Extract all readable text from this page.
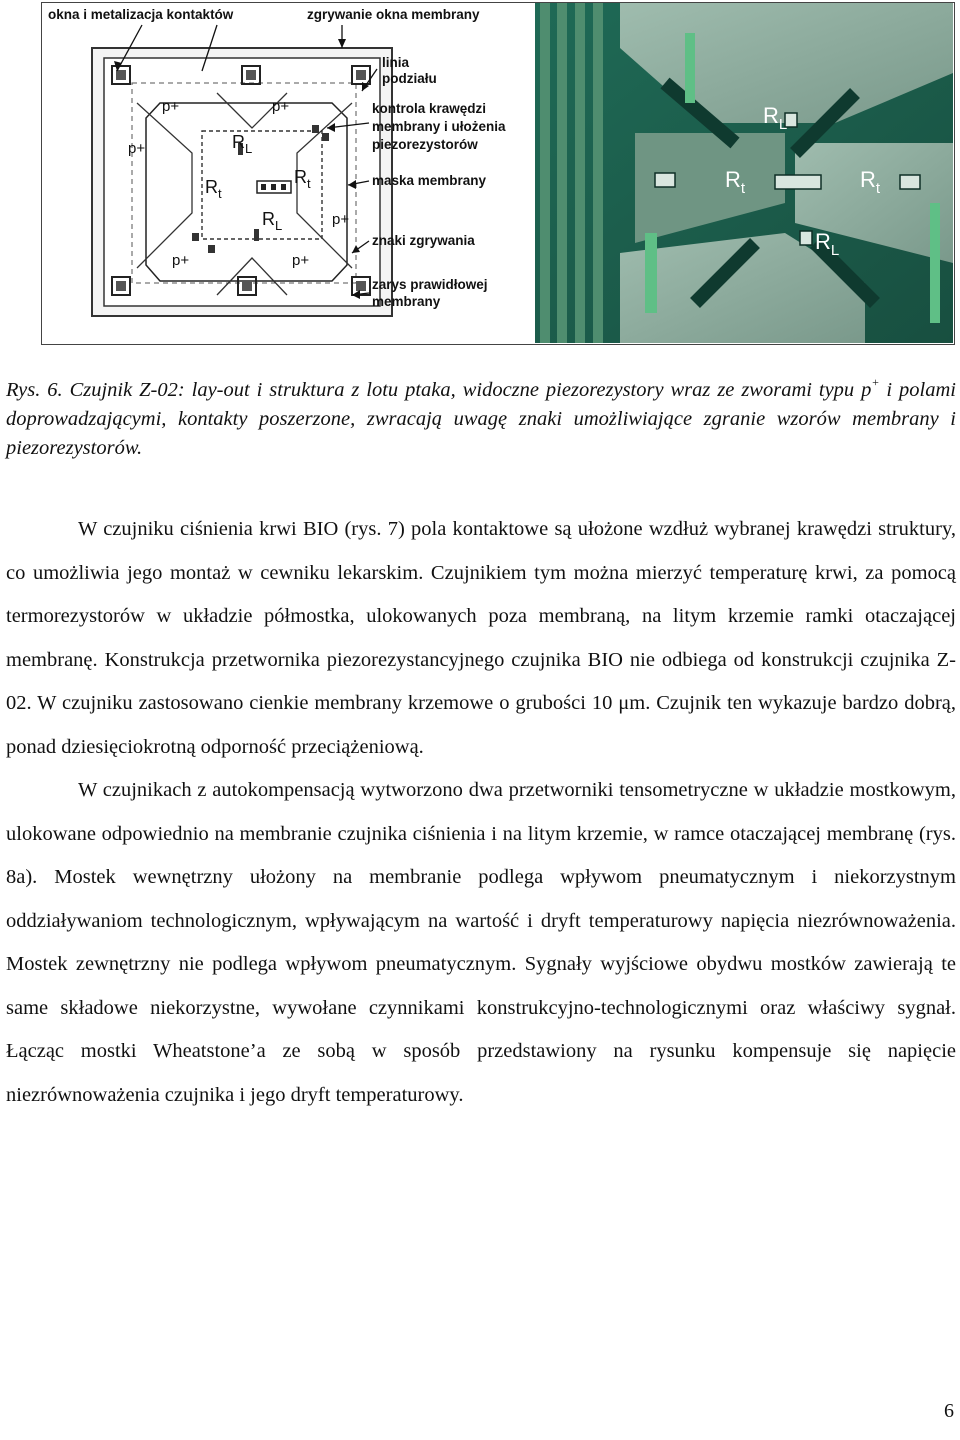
p+	p+
p+
p+
p+	p+
$R_L$
$R_t$
$R_t$
$R_L$
okna i metalizacja kontaktów	zgrywanie okna membrany
linia
podziału
kontrola krawędzi
membrany i ułożenia
piezorezystorów
maska membrany
znaki zgrywania
zarys prawidłowej
membrany
$R_L$
$R_t$	$R_t$
$R_L$
Rys. 6. Czujnik Z-02: lay-out i struktura z lotu ptaka, widoczne piezorezystory wraz ze zworami typu p+ i polami doprowadzającymi, kontakty poszerzone, zwracają uwagę znaki umożliwiające zgranie wzorów membrany i piezorezystorów.

W czujniku ciśnienia krwi BIO (rys. 7) pola kontaktowe są ułożone wzdłuż wybranej krawędzi struktury, co umożliwia jego montaż w cewniku lekarskim. Czujnikiem tym można mierzyć temperaturę krwi, za pomocą termorezystorów w układzie półmostka, ulokowanych poza membraną, na litym krzemie ramki otaczającej membranę. Konstrukcja przetwornika piezorezystancyjnego czujnika BIO nie odbiega od konstrukcji czujnika Z-02. W czujniku zastosowano cienkie membrany krzemowe o grubości 10 μm. Czujnik ten wykazuje bardzo dobrą, ponad dziesięciokrotną odporność przeciążeniową.

W czujnikach z autokompensacją wytworzono dwa przetworniki tensometryczne w układzie mostkowym, ulokowane odpowiednio na membranie czujnika ciśnienia i na litym krzemie, w ramce otaczającej membranę (rys. 8a). Mostek wewnętrzny ułożony na membranie podlega wpływom pneumatycznym i niekorzystnym oddziaływaniom technologicznym, wpływającym na wartość i dryft temperaturowy napięcia niezrównoważenia. Mostek zewnętrzny nie podlega wpływom pneumatycznym. Sygnały wyjściowe obydwu mostków zawierają te same składowe niekorzystne, wywołane czynnikami konstrukcyjno-technologicznymi oraz właściwy sygnał. Łącząc mostki Wheatstone’a ze sobą w sposób przedstawiony na rysunku kompensuje się napięcie niezrównoważenia czujnika i jego dryft temperaturowy.

6
